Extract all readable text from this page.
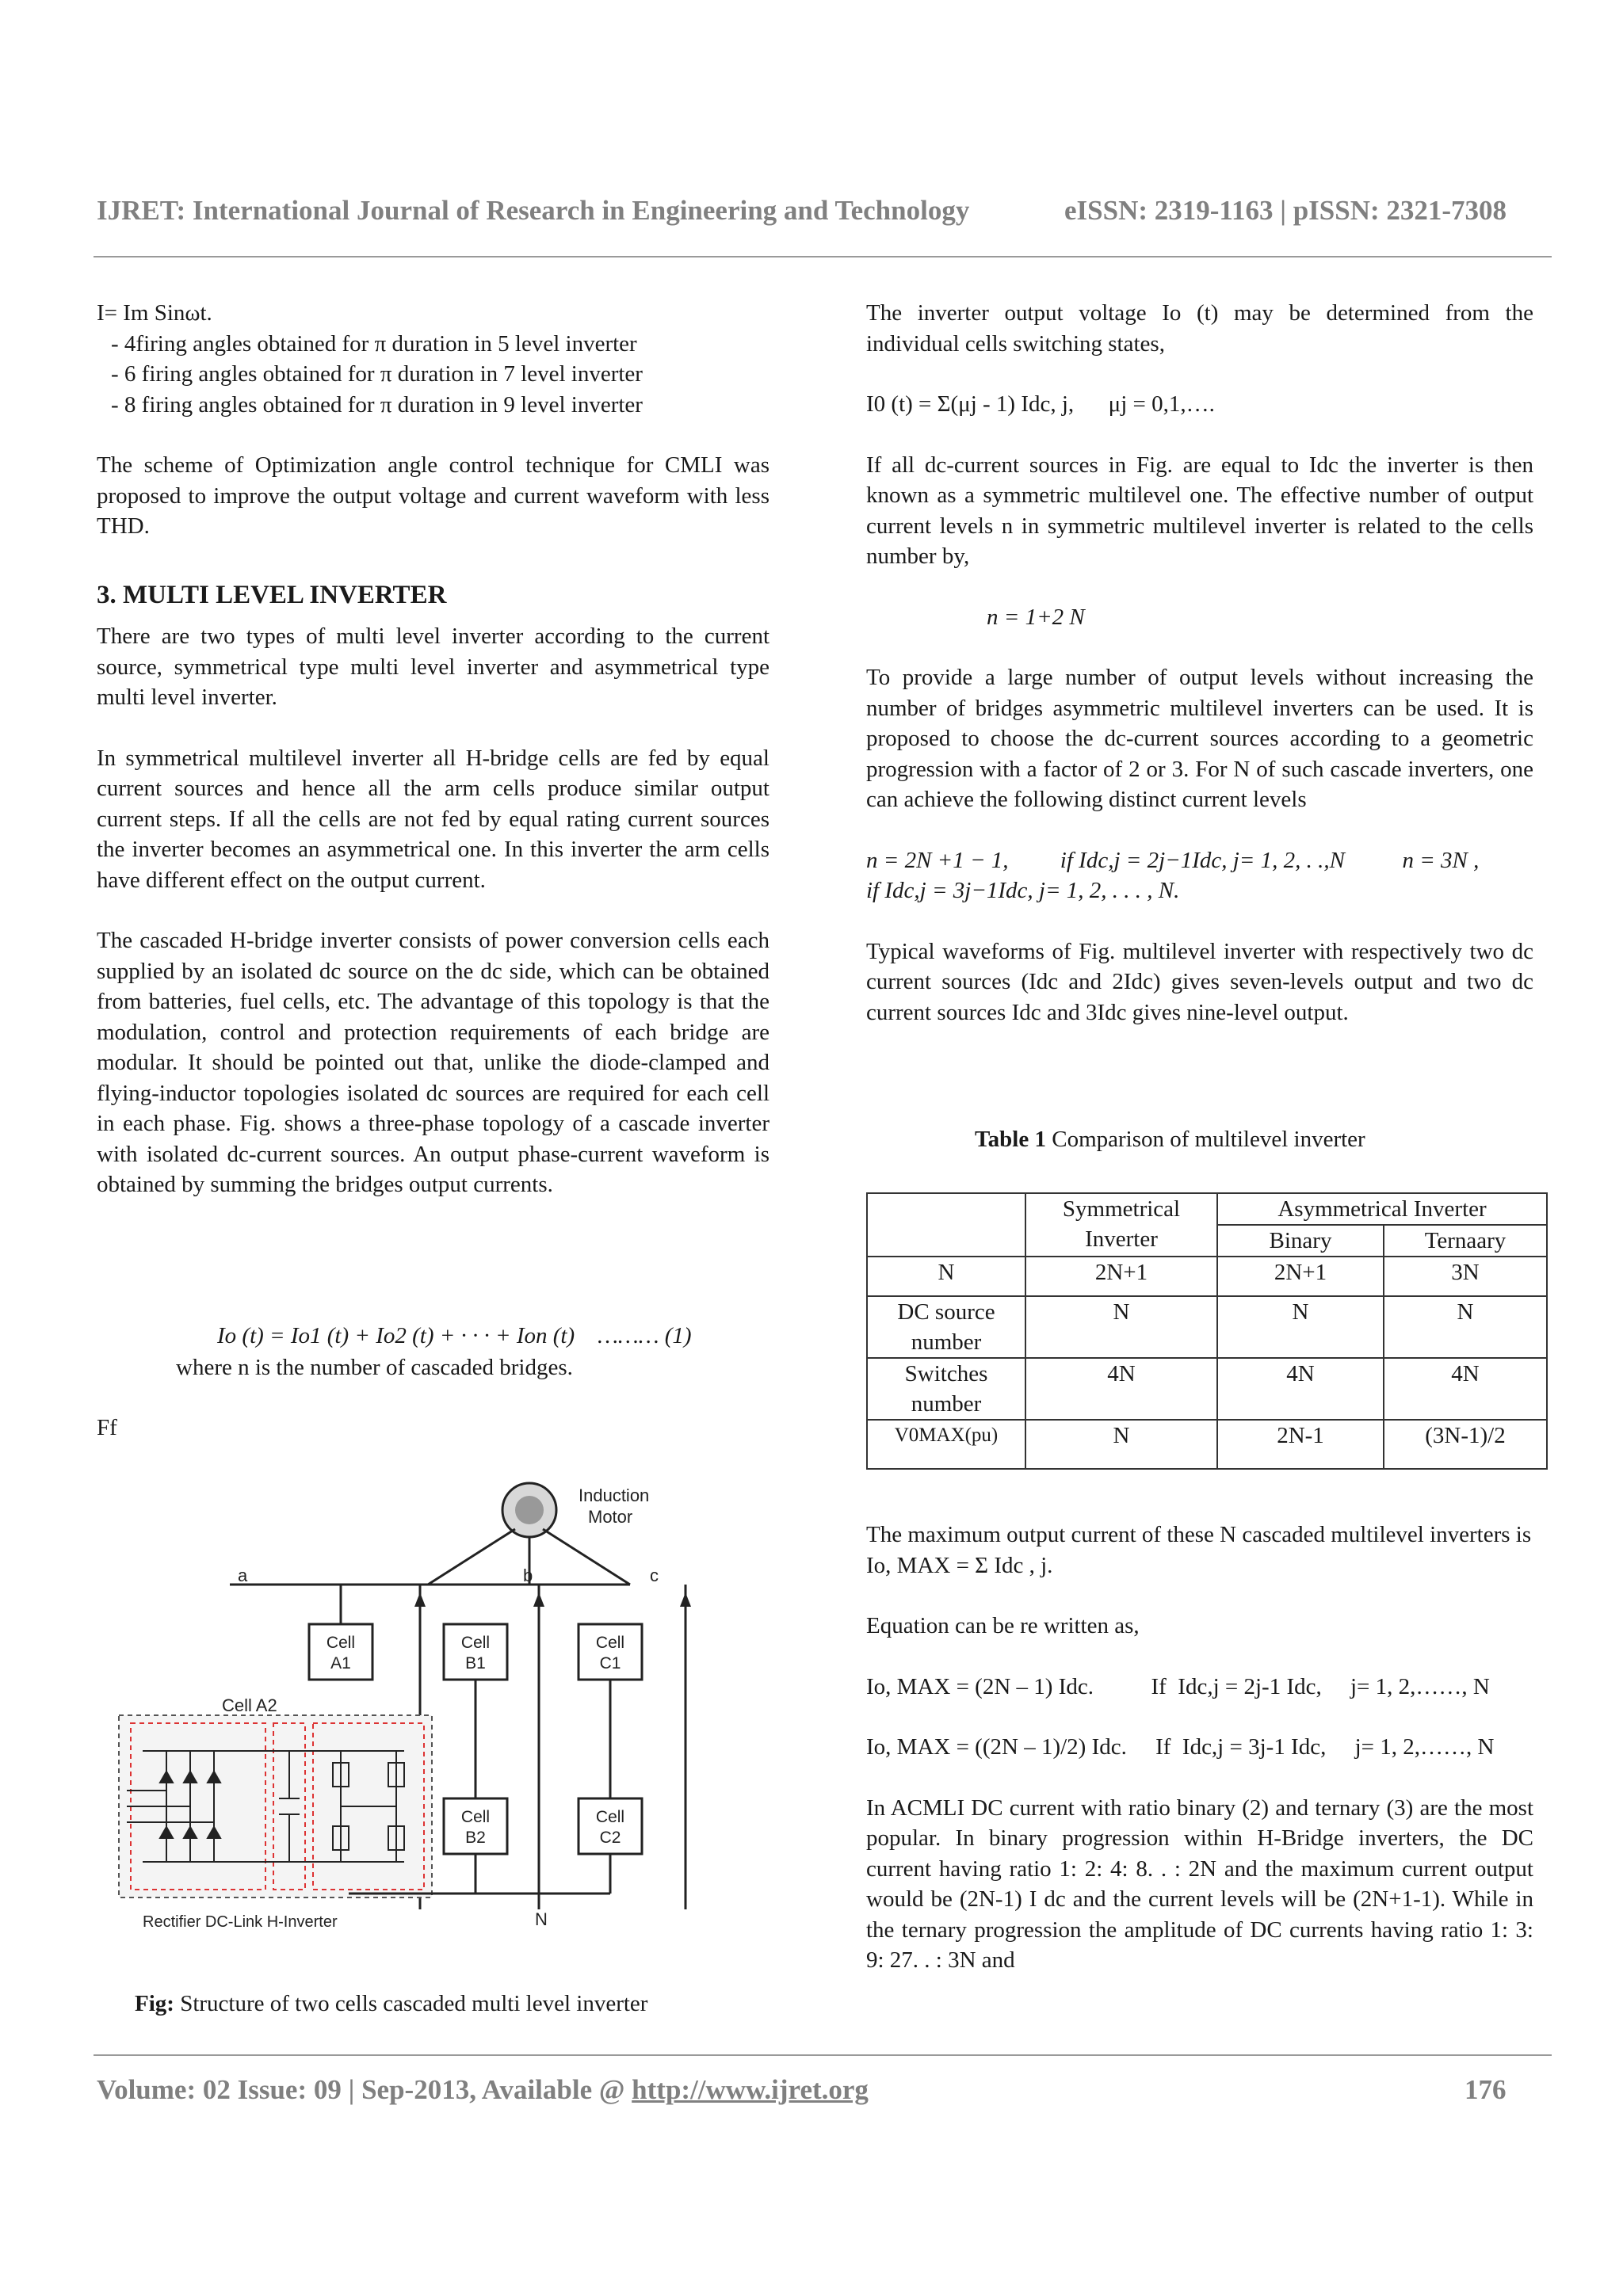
IJRET: International Journal of Research in Engineering and Technology	eISSN: 2319-1163 | pISSN: 2321-7308

I= Im Sinωt.

- 4firing angles obtained for π duration in 5 level inverter

- 6 firing angles obtained for π duration in 7 level inverter

- 8 firing angles obtained for π duration in 9 level inverter

The scheme of Optimization angle control technique for CMLI was proposed to improve the output voltage and current waveform with less THD.

3. MULTI LEVEL INVERTER

There are two types of multi level inverter according to the current source, symmetrical type multi level inverter and asymmetrical type multi level inverter.

In symmetrical multilevel inverter all H-bridge cells are fed by equal current sources and hence all the arm cells produce similar output current steps. If all the cells are not fed by equal rating current sources the inverter becomes an asymmetrical one. In this inverter the arm cells have different effect on the output current.

The cascaded H-bridge inverter consists of power conversion cells each supplied by an isolated dc source on the dc side, which can be obtained from batteries, fuel cells, etc. The advantage of this topology is that the modulation, control and protection requirements of each bridge are modular. It should be pointed out that, unlike the diode-clamped and flying-inductor topologies isolated dc sources are required for each cell in each phase. Fig. shows a three-phase topology of a cascade inverter with isolated dc-current sources. An output phase-current waveform is obtained by summing the bridges output currents.

Io (t) = Io1 (t) + Io2 (t) + · · · + Ion (t)    ……… (1)
where n is the number of cascaded bridges.
Ff
Induction
Motor
a	b	c
Cell
A1
Cell
B1
Cell
C1
Cell A2
Cell
B2
Cell
C2
N
Rectifier DC-Link H-Inverter
Fig: Structure of two cells cascaded multi level inverter

The inverter output voltage Io (t) may be determined from the individual cells switching states,

I0 (t) = Σ(μj - 1) Idc, j,      μj = 0,1,….

If all dc-current sources in Fig. are equal to Idc the inverter is then known as a symmetric multilevel one. The effective number of output current levels n in symmetric multilevel inverter is related to the cells number by,

n = 1+2 N

To provide a large number of output levels without increasing the number of bridges asymmetric multilevel inverters can be used. It is proposed to choose the dc-current sources according to a geometric progression with a factor of 2 or 3. For N of such cascade inverters, one can achieve the following distinct current levels

n = 2N +1 − 1,         if Idc,j = 2j−1Idc, j= 1, 2, . .,N          n = 3N ,                 if Idc,j = 3j−1Idc, j= 1, 2, . . . , N.

Typical waveforms of Fig. multilevel inverter with respectively two dc current sources (Idc and 2Idc) gives seven-levels output and two dc current sources Idc and 3Idc gives nine-level output.

Table 1 Comparison of multilevel inverter
	Symmetrical Inverter	Asymmetrical Inverter	
		Binary	Ternaary
N	2N+1	2N+1	3N
DC source number	N	N	N
Switches number	4N	4N	4N
V0MAX(pu)	N	2N-1	(3N-1)/2

The maximum output current of these N cascaded multilevel inverters is

Io, MAX = Σ Idc , j.

Equation can be re written as,

Io, MAX = (2N – 1) Idc.          If  Idc,j = 2j-1 Idc,     j= 1, 2,……, N

Io, MAX = ((2N – 1)/2) Idc.     If  Idc,j = 3j-1 Idc,     j= 1, 2,……, N

In ACMLI DC current with ratio binary (2) and ternary (3) are the most popular. In binary progression within H-Bridge inverters, the DC current having ratio 1: 2: 4: 8. . : 2N and the maximum current output would be (2N-1) I dc and the current levels will be (2N+1-1). While in the ternary progression the amplitude of DC currents having ratio 1: 3: 9: 27. . : 3N and

Volume: 02 Issue: 09 | Sep-2013, Available @ http://www.ijret.org	176
